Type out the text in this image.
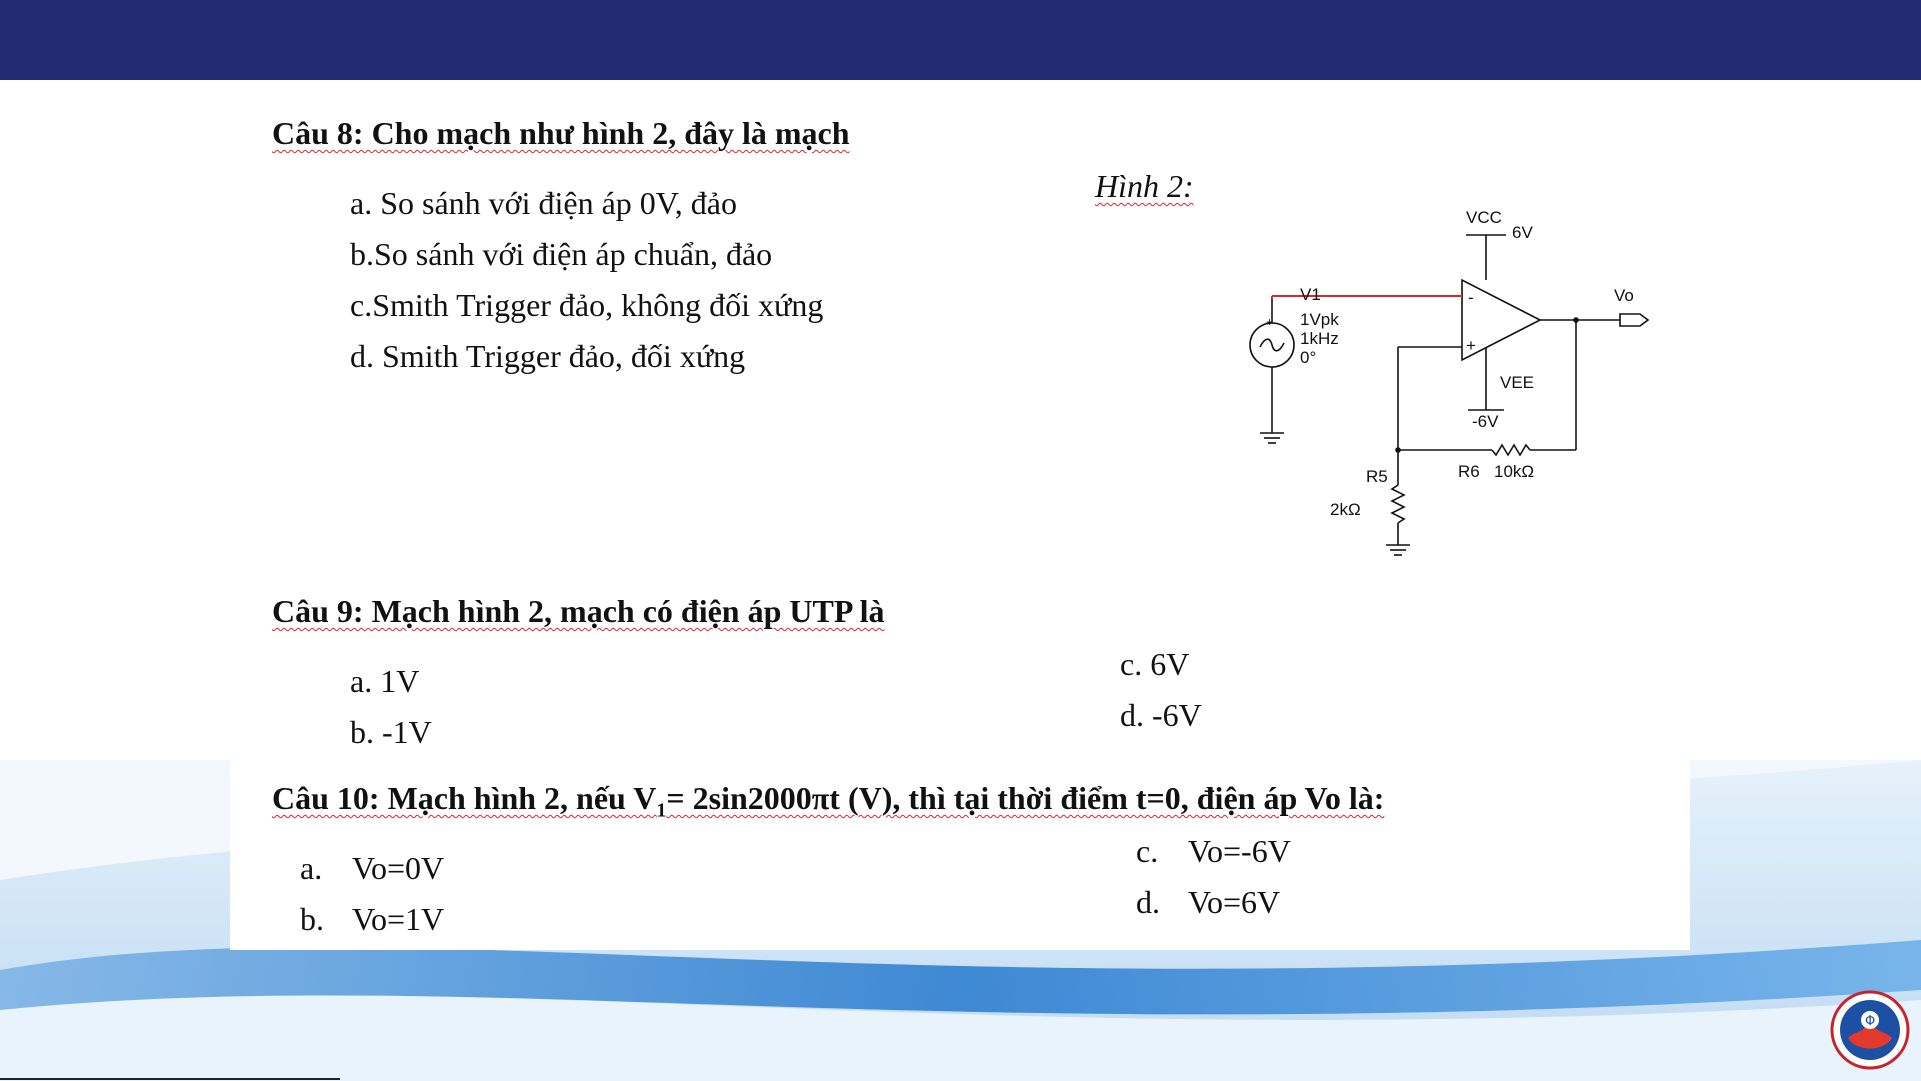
Câu 8: Cho mạch như hình 2, đây là mạch
a. So sánh với điện áp 0V, đảo
b.So sánh với điện áp chuẩn, đảo
c.Smith Trigger đảo, không đối xứng
d. Smith Trigger đảo, đối xứng
Hình 2:
VCC
6V
V1
1Vpk
1kHz
0°
Vo
VEE
-6V
R6 10kΩ
R5
2kΩ
-
+
+
Câu 9: Mạch hình 2, mạch có điện áp UTP là
a. 1V
b. -1V
c. 6V
d. -6V
Câu 10: Mạch hình 2, nếu $V_1= 2\sin 2000\pi t$ (V), thì tại thời điểm t=0, điện áp Vo là:
a. Vo=0V
b. Vo=1V
c. Vo=-6V
d. Vo=6V
Φ
